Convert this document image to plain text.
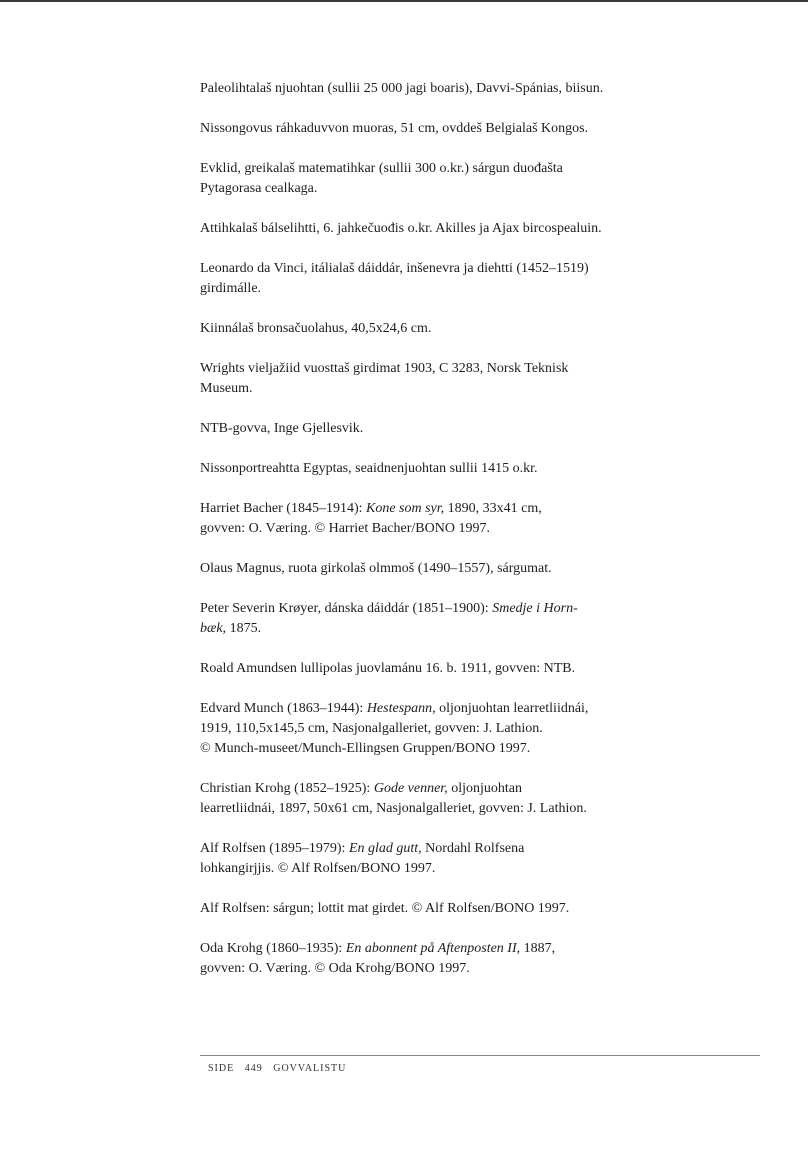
Paleolihtalaš njuohtan (sullii 25 000 jagi boaris), Davvi-Spánias, biisun.

Nissongovus ráhkaduvvon muoras, 51 cm, ovddeš Belgialaš Kongos.

Evklid, greikalaš matematihkar (sullii 300 o.kr.) sárgun duođašta Pytagorasa cealkaga.

Attihkalaš bálselihtti, 6. jahkečuođis o.kr. Akilles ja Ajax bircospealuin.

Leonardo da Vinci, itálialaš dáiddár, inšenevra ja diehtti (1452–1519) girdimálle.

Kiinnálaš bronsačuolahus, 40,5x24,6 cm.

Wrights vieljažiid vuosttaš girdimat 1903, C 3283, Norsk Teknisk Museum.

NTB-govva, Inge Gjellesvik.

Nissonportreahtta Egyptas, seaidnenjuohtan sullii 1415 o.kr.

Harriet Bacher (1845–1914): Kone som syr, 1890, 33x41 cm,
govven: O. Væring. © Harriet Bacher/BONO 1997.

Olaus Magnus, ruota girkolaš olmmoš (1490–1557), sárgumat.

Peter Severin Krøyer, dánska dáiddár (1851–1900): Smedje i Horn-
bæk, 1875.

Roald Amundsen lullipolas juovlamánu 16. b. 1911, govven: NTB.

Edvard Munch (1863–1944): Hestespann, oljonjuohtan learretliidnái,
1919, 110,5x145,5 cm, Nasjonalgalleriet, govven: J. Lathion.
© Munch-museet/Munch-Ellingsen Gruppen/BONO 1997.

Christian Krohg (1852–1925): Gode venner, oljonjuohtan
learretliidnái, 1897, 50x61 cm, Nasjonalgalleriet, govven: J. Lathion.

Alf Rolfsen (1895–1979): En glad gutt, Nordahl Rolfsena
lohkangirjjis. © Alf Rolfsen/BONO 1997.

Alf Rolfsen: sárgun; lottit mat girdet. © Alf Rolfsen/BONO 1997.

Oda Krohg (1860–1935): En abonnent på Aftenposten II, 1887,
govven: O. Væring. © Oda Krohg/BONO 1997.

SIDE 449 GOVVALISTU
